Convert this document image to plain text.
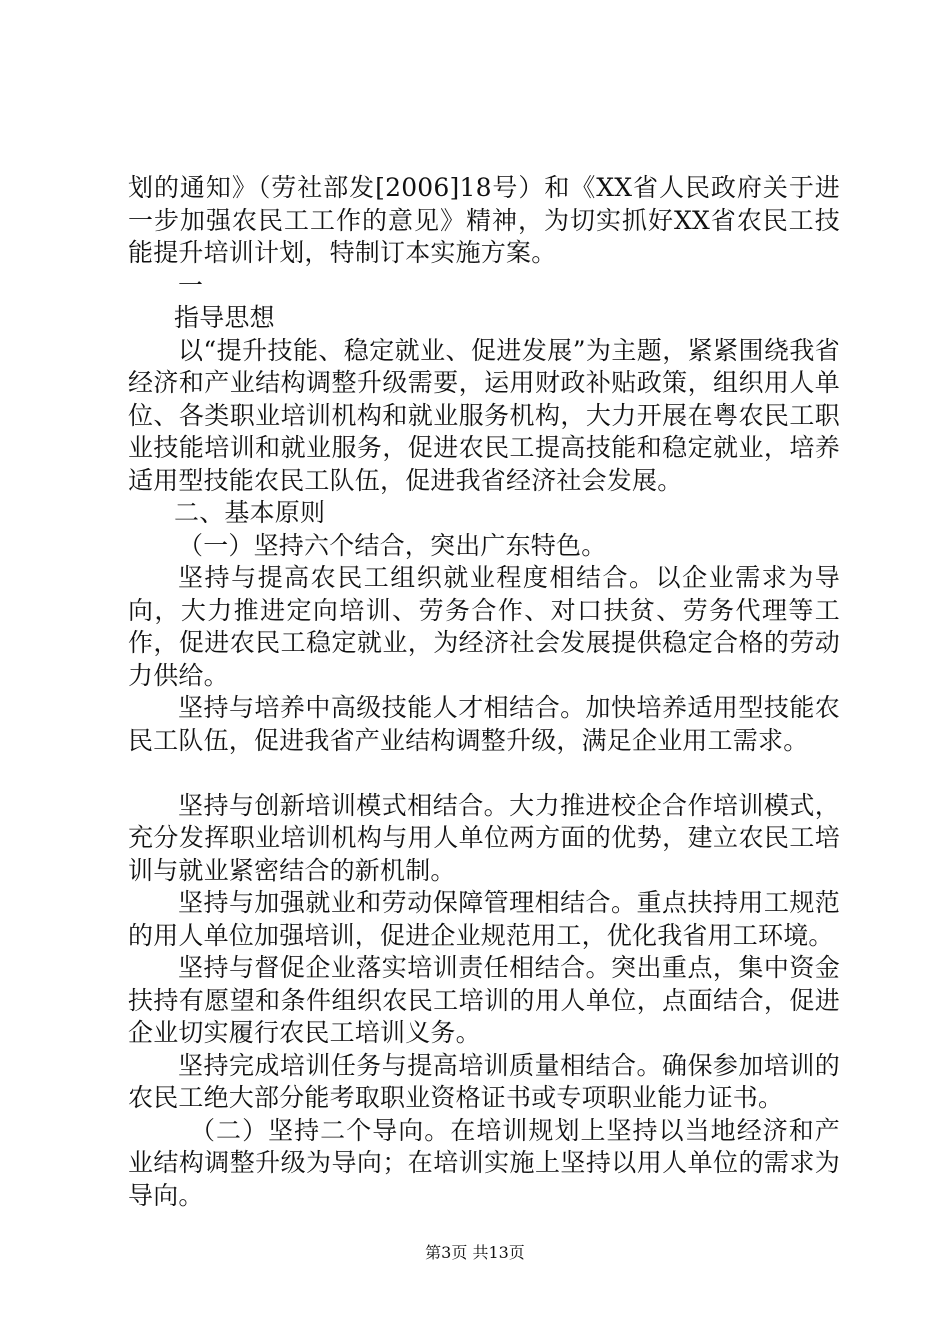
划的通知》（劳社部发[2006]18号）和《XX省人民政府关于进一步加强农民工工作的意见》精神，为切实抓好XX省农民工技能提升培训计划，特制订本实施方案。

一

指导思想

以“提升技能、稳定就业、促进发展”为主题，紧紧围绕我省经济和产业结构调整升级需要，运用财政补贴政策，组织用人单位、各类职业培训机构和就业服务机构，大力开展在粤农民工职业技能培训和就业服务，促进农民工提高技能和稳定就业，培养适用型技能农民工队伍，促进我省经济社会发展。

二、基本原则

（一）坚持六个结合，突出广东特色。

坚持与提高农民工组织就业程度相结合。以企业需求为导向，大力推进定向培训、劳务合作、对口扶贫、劳务代理等工作，促进农民工稳定就业，为经济社会发展提供稳定合格的劳动力供给。

坚持与培养中高级技能人才相结合。加快培养适用型技能农民工队伍，促进我省产业结构调整升级，满足企业用工需求。

坚持与创新培训模式相结合。大力推进校企合作培训模式，充分发挥职业培训机构与用人单位两方面的优势，建立农民工培训与就业紧密结合的新机制。

坚持与加强就业和劳动保障管理相结合。重点扶持用工规范的用人单位加强培训，促进企业规范用工，优化我省用工环境。

坚持与督促企业落实培训责任相结合。突出重点，集中资金扶持有愿望和条件组织农民工培训的用人单位，点面结合，促进企业切实履行农民工培训义务。

坚持完成培训任务与提高培训质量相结合。确保参加培训的农民工绝大部分能考取职业资格证书或专项职业能力证书。

（二）坚持二个导向。在培训规划上坚持以当地经济和产业结构调整升级为导向；在培训实施上坚持以用人单位的需求为导向。

第3页 共13页
